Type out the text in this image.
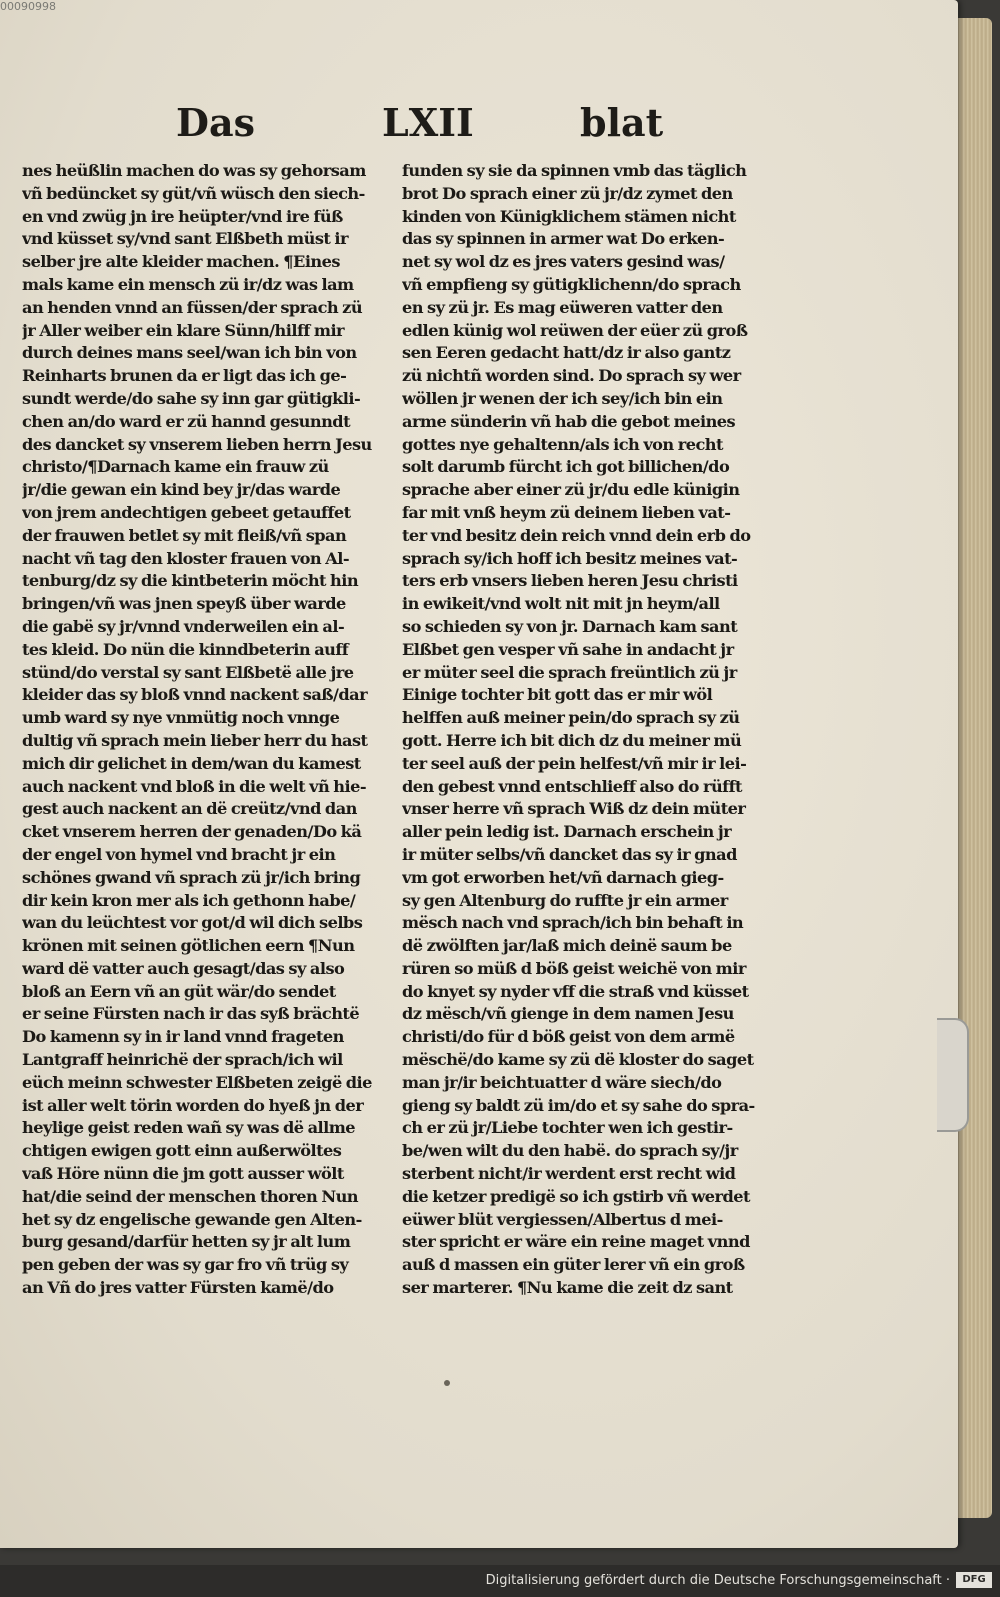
00090998
Das	LXII	blat
nes heüßlin machen do was sy gehorsam
vñ bedüncket sy güt/vñ wüsch den siech-
en vnd zwüg jn ire heüpter/vnd ire füß
vnd küsset sy/vnd sant Elßbeth müst ir
selber jre alte kleider machen. ¶Eines
mals kame ein mensch zü ir/dz was lam
an henden vnnd an füssen/der sprach zü
jr Aller weiber ein klare Sünn/hilff mir
durch deines mans seel/wan ich bin von
Reinharts brunen da er ligt das ich ge-
sundt werde/do sahe sy inn gar gütigkli-
chen an/do ward er zü hannd gesunndt
des dancket sy vnserem lieben herrn Jesu
christo/¶Darnach kame ein frauw zü
jr/die gewan ein kind bey jr/das warde
von jrem andechtigen gebeet getauffet
der frauwen betlet sy mit fleiß/vñ span
nacht vñ tag den kloster frauen von Al-
tenburg/dz sy die kintbeterin möcht hin
bringen/vñ was jnen speyß über warde
die gabë sy jr/vnnd vnderweilen ein al-
tes kleid. Do nün die kinndbeterin auff
stünd/do verstal sy sant Elßbetë alle jre
kleider das sy bloß vnnd nackent saß/dar
umb ward sy nye vnmütig noch vnnge
dultig vñ sprach mein lieber herr du hast
mich dir gelichet in dem/wan du kamest
auch nackent vnd bloß in die welt vñ hie-
gest auch nackent an dë creütz/vnd dan
cket vnserem herren der genaden/Do kä
der engel von hymel vnd bracht jr ein
schönes gwand vñ sprach zü jr/ich bring
dir kein kron mer als ich gethonn habe/
wan du leüchtest vor got/d wil dich selbs
krönen mit seinen götlichen eern ¶Nun
ward dë vatter auch gesagt/das sy also
bloß an Eern vñ an güt wär/do sendet
er seine Fürsten nach ir das syß brächtë
Do kamenn sy in ir land vnnd frageten
Lantgraff heinrichë der sprach/ich wil
eüch meinn schwester Elßbeten zeigë die
ist aller welt törin worden do hyeß jn der
heylige geist reden wañ sy was dë allme
chtigen ewigen gott einn außerwöltes
vaß Höre nünn die jm gott ausser wölt
hat/die seind der menschen thoren Nun
het sy dz engelische gewande gen Alten-
burg gesand/darfür hetten sy jr alt lum
pen geben der was sy gar fro vñ trüg sy
an Vñ do jres vatter Fürsten kamë/do
funden sy sie da spinnen vmb das täglich
brot Do sprach einer zü jr/dz zymet den
kinden von Künigklichem stämen nicht
das sy spinnen in armer wat Do erken-
net sy wol dz es jres vaters gesind was/
vñ empfieng sy gütigklichenn/do sprach
en sy zü jr. Es mag eüweren vatter den
edlen künig wol reüwen der eüer zü groß
sen Eeren gedacht hatt/dz ir also gantz
zü nichtñ worden sind. Do sprach sy wer
wöllen jr wenen der ich sey/ich bin ein
arme sünderin vñ hab die gebot meines
gottes nye gehaltenn/als ich von recht
solt darumb fürcht ich got billichen/do
sprache aber einer zü jr/du edle künigin
far mit vnß heym zü deinem lieben vat-
ter vnd besitz dein reich vnnd dein erb do
sprach sy/ich hoff ich besitz meines vat-
ters erb vnsers lieben heren Jesu christi
in ewikeit/vnd wolt nit mit jn heym/all
so schieden sy von jr. Darnach kam sant
Elßbet gen vesper vñ sahe in andacht jr
er müter seel die sprach freüntlich zü jr
Einige tochter bit gott das er mir wöl
helffen auß meiner pein/do sprach sy zü
gott. Herre ich bit dich dz du meiner mü
ter seel auß der pein helfest/vñ mir ir lei-
den gebest vnnd entschlieff also do rüfft
vnser herre vñ sprach Wiß dz dein müter
aller pein ledig ist. Darnach erschein jr
ir müter selbs/vñ dancket das sy ir gnad
vm got erworben het/vñ darnach gieg-
sy gen Altenburg do ruffte jr ein armer
mësch nach vnd sprach/ich bin behaft in
dë zwölften jar/laß mich deinë saum be
rüren so müß d böß geist weichë von mir
do knyet sy nyder vff die straß vnd küsset
dz mësch/vñ gienge in dem namen Jesu
christi/do für d böß geist von dem armë
mëschë/do kame sy zü dë kloster do saget
man jr/ir beichtuatter d wäre siech/do
gieng sy baldt zü im/do et sy sahe do spra-
ch er zü jr/Liebe tochter wen ich gestir-
be/wen wilt du den habë. do sprach sy/jr
sterbent nicht/ir werdent erst recht wid
die ketzer predigë so ich gstirb vñ werdet
eüwer blüt vergiessen/Albertus d mei-
ster spricht er wäre ein reine maget vnnd
auß d massen ein güter lerer vñ ein groß
ser marterer. ¶Nu kame die zeit dz sant
Digitalisierung gefördert durch die Deutsche Forschungsgemeinschaft ·	DFG
